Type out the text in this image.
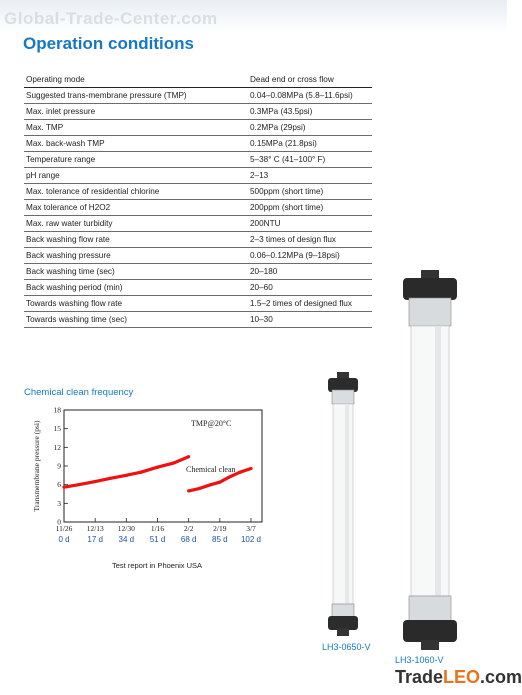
Global-Trade-Center.com
Operation conditions
Operating mode	Dead end or cross flow
Suggested trans-membrane pressure (TMP)	0.04–0.08MPa (5.8–11.6psi)
Max. inlet pressure	0.3MPa (43.5psi)
Max. TMP	0.2MPa (29psi)
Max. back-wash TMP	0.15MPa (21.8psi)
Temperature range	5–38° C (41–100° F)
pH range	2–13
Max. tolerance of residential chlorine	500ppm (short time)
Max tolerance of H2O2	200ppm (short time)
Max. raw water turbidity	200NTU
Back washing flow rate	2–3 times of design flux
Back washing pressure	0.06–0.12MPa (9–18psi)
Back washing time (sec)	20–180
Back washing period (min)	20–60
Towards washing flow rate	1.5–2 times of designed flux
Towards washing time (sec)	10–30
Chemical clean frequency
Transmembrane pressure (psi)
0
3
6
9
12
15
18
11/26
0 d
12/13
17 d
12/30
34 d
1/16
51 d
2/2
68 d
2/19
85 d
3/7
102 d
TMP@20°C
Chemical clean
Test report in Phoenix USA
LH3-0650-V
LH3-1060-V
TradeLEO.com
